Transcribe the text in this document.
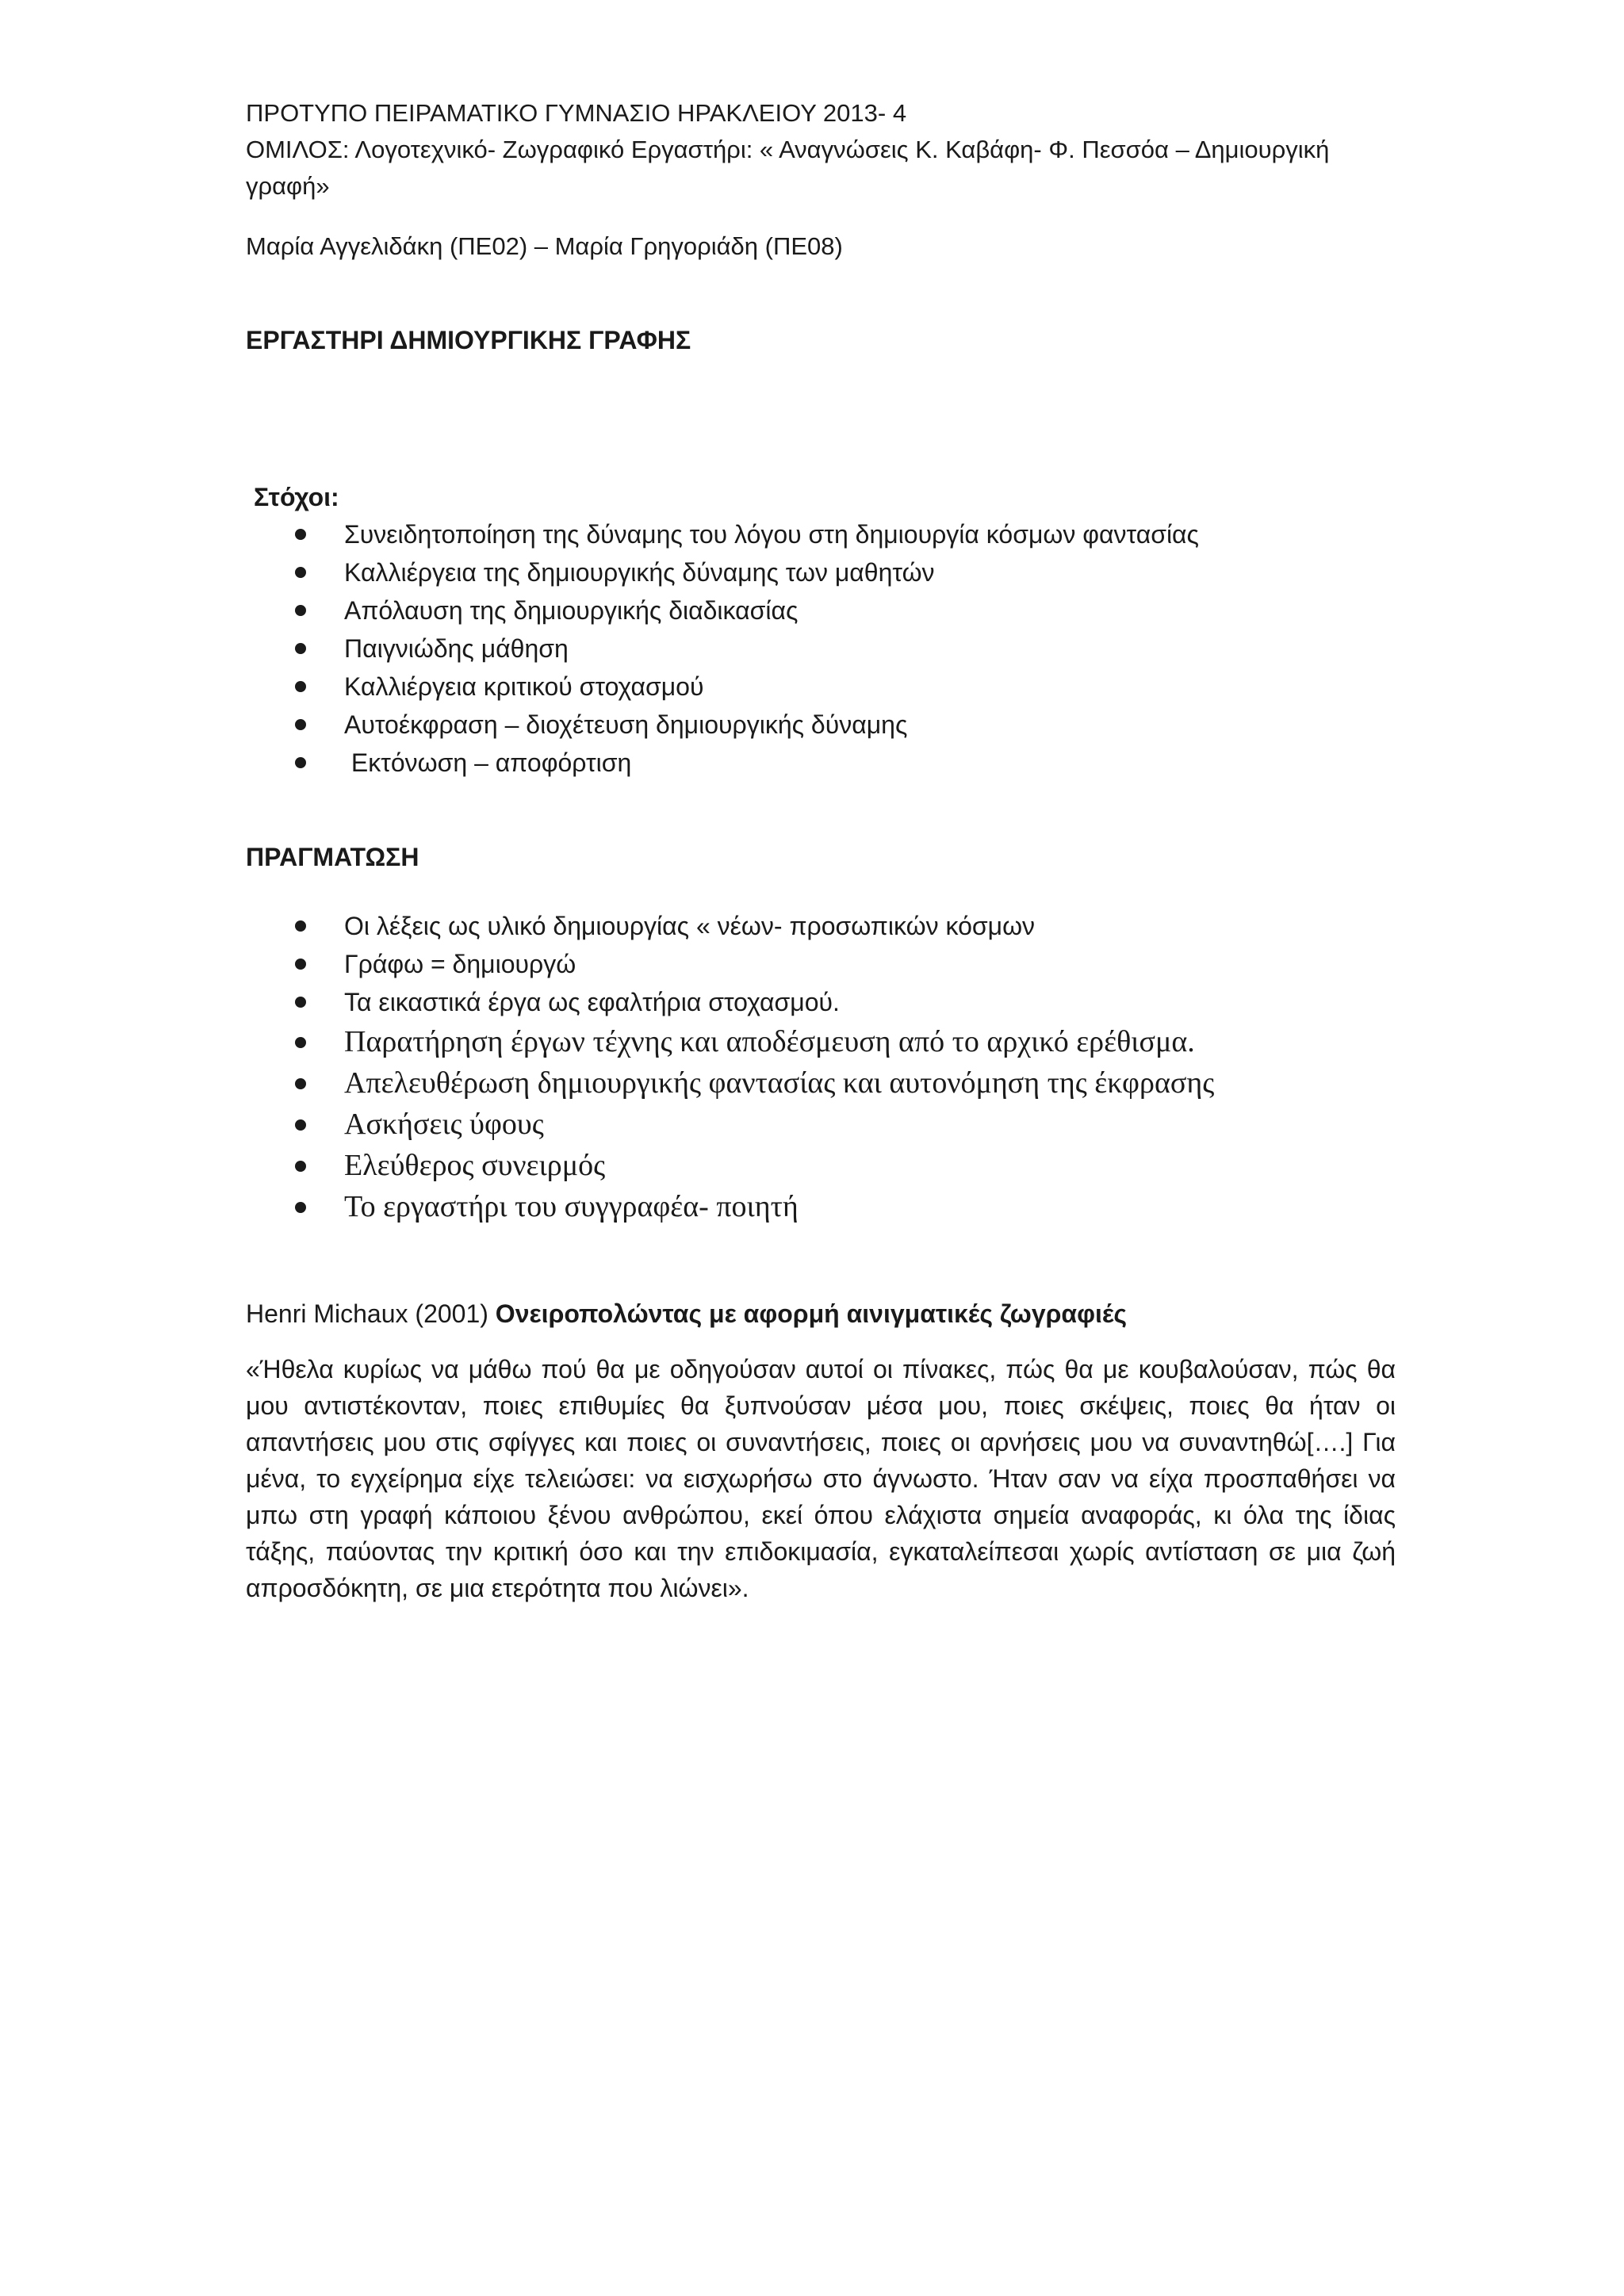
ΠΡΟΤΥΠΟ ΠΕΙΡΑΜΑΤΙΚΟ ΓΥΜΝΑΣΙΟ ΗΡΑΚΛΕΙΟΥ 2013- 4

ΟΜΙΛΟΣ: Λογοτεχνικό- Ζωγραφικό Εργαστήρι: « Αναγνώσεις Κ. Καβάφη- Φ. Πεσσόα – Δημιουργική

γραφή»

Μαρία Αγγελιδάκη (ΠΕ02) – Μαρία Γρηγοριάδη (ΠΕ08)

ΕΡΓΑΣΤΗΡΙ ΔΗΜΙΟΥΡΓΙΚΗΣ ΓΡΑΦΗΣ

Στόχοι:

Συνειδητοποίηση της δύναμης του λόγου στη δημιουργία κόσμων φαντασίας
Καλλιέργεια της δημιουργικής δύναμης των μαθητών
Απόλαυση της δημιουργικής διαδικασίας
Παιγνιώδης μάθηση
Καλλιέργεια κριτικού στοχασμού
Αυτοέκφραση – διοχέτευση δημιουργικής δύναμης
Εκτόνωση – αποφόρτιση

ΠΡΑΓΜΑΤΩΣΗ

Οι λέξεις ως υλικό δημιουργίας « νέων- προσωπικών κόσμων
Γράφω = δημιουργώ
Τα εικαστικά έργα ως εφαλτήρια στοχασμού.
Παρατήρηση έργων τέχνης και αποδέσμευση από το αρχικό ερέθισμα.
Απελευθέρωση δημιουργικής φαντασίας και αυτονόμηση της έκφρασης
Ασκήσεις ύφους
Ελεύθερος συνειρμός
Το εργαστήρι του συγγραφέα- ποιητή

Henri Michaux (2001) Ονειροπολώντας με αφορμή αινιγματικές ζωγραφιές

«Ήθελα κυρίως να μάθω πού θα με οδηγούσαν αυτοί οι πίνακες, πώς θα με κουβαλούσαν, πώς θα μου αντιστέκονταν, ποιες επιθυμίες θα ξυπνούσαν μέσα μου, ποιες σκέψεις, ποιες θα ήταν οι απαντήσεις μου στις σφίγγες και ποιες οι συναντήσεις, ποιες οι αρνήσεις μου να συναντηθώ[….] Για μένα, το εγχείρημα είχε τελειώσει: να εισχωρήσω στο άγνωστο. Ήταν σαν να είχα προσπαθήσει να μπω στη γραφή κάποιου ξένου ανθρώπου, εκεί όπου ελάχιστα σημεία αναφοράς, κι όλα της ίδιας τάξης, παύοντας την κριτική όσο και την επιδοκιμασία, εγκαταλείπεσαι χωρίς αντίσταση σε μια ζωή απροσδόκητη, σε μια ετερότητα που λιώνει».
